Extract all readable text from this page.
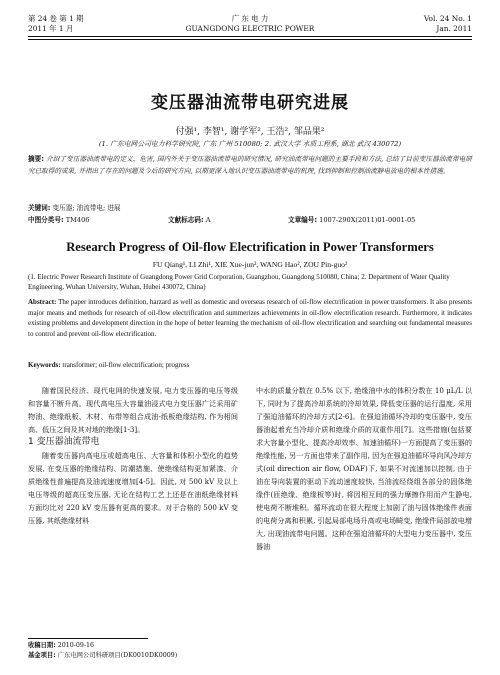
第 24 卷 第 1 期
2011 年 1 月
广 东 电 力
GUANGDONG ELECTRIC POWER
Vol. 24 No. 1
Jan. 2011
变压器油流带电研究进展
付强¹, 李智¹, 谢学军², 王浩², 邹品果²
(1. 广东电网公司电力科学研究院, 广东 广州 510080; 2. 武汉大学 水质工程系, 湖北 武汉 430072)
摘要: 介绍了变压器油流带电的定义、危害, 国内外关于变压器油流带电的研究情况, 研究油流带电问题的主要手段和方法, 总结了目前变压器油流带电研究已取得的成果, 并指出了存在的问题及今后的研究方向, 以期更深入地认识变压器油流带电的机理, 找到抑制和控制油流静电放电的根本性措施。
关键词: 变压器; 油流带电; 进展
中图分类号: TM406	文献标志码: A	文章编号: 1007-290X(2011)01-0001-05
Research Progress of Oil-flow Electrification in Power Transformers
FU Qiang¹, LI Zhi¹, XIE Xue-jun², WANG Hao², ZOU Pin-guo²
(1. Electric Power Research Institute of Guangdong Power Grid Corporation, Guangzhou, Guangdong 510080, China; 2. Department of Water Quality Engineering, Wuhan University, Wuhan, Hubei 430072, China)
Abstract: The paper introduces definition, harzard as well as domestic and overseas research of oil-flow electrification in power transformers. It also presents major means and methods for research of oil-flow electrification and summerizes achievements in oil-flow electrification research. Furthermore, it indicates existing problems and development direction in the hope of better learning the mechanism of oil-flow electrification and searching out fundamental measures to control and prevent oil-flow electrification.
Keywords: transformer; oil-flow electrification; progress

随着国民经济、现代电网的快速发展, 电力变压器的电压等级和容量不断升高。现代高电压大容量油浸式电力变压器广泛采用矿物油、绝缘纸板、木材、布带等组合成油-纸板绝缘结构, 作为相间高、低压之间及其对地的绝缘[1-3]。

1 变压器油流带电

随着变压器向高电压或超高电压、大容量和体积小型化的趋势发展, 在变压器的绝缘结构、防潮措施、使绝缘结构更加紧凑、介质绝缘性普遍提高及油流速度增加[4-5]。因此, 对 500 kV 及以上电压等级的超高压变压器, 无论在结构工艺上还是在油纸绝缘材料方面均比对 220 kV 变压器有更高的要求。对于合格的 500 kV 变压器, 其纸绝缘材料

中水的质量分数在 0.5% 以下, 绝缘油中水的体积分数在 10 μL/L 以下, 同时为了提高冷却系统的冷却效果, 降低变压器的运行温度, 采用了强迫油循环的冷却方式[2-6]。在强迫油循环冷却的变压器中, 变压器油起着充当冷却介质和绝缘介质的双重作用[7]。这些措施(包括要求大容量小型化、提高冷却效率、加速油循环)一方面提高了变压器的绝缘性能, 另一方面也带来了副作用, 因为在强迫油循环导向风冷却方式(oil direction air flow, ODAF)下, 如果不对流速加以控制, 由于油在导向装置的驱动下流动速度较快, 当油流经绕组各部分的固体绝缘件(匝绝缘、绝缘板等)时, 将因相互间的强力摩擦作用而产生静电, 使电荷不断堆积。循环流动在很大程度上加剧了油与固体绝缘件表面的电荷分离和积累, 引起局部电场升高或电场畸变, 绝缘件局部放电增大, 出现油流带电问题。这种在强迫油循环的大型电力变压器中, 变压器油

收稿日期: 2010-09-16
基金项目: 广东电网公司科研项目(DK0010DK0009)
